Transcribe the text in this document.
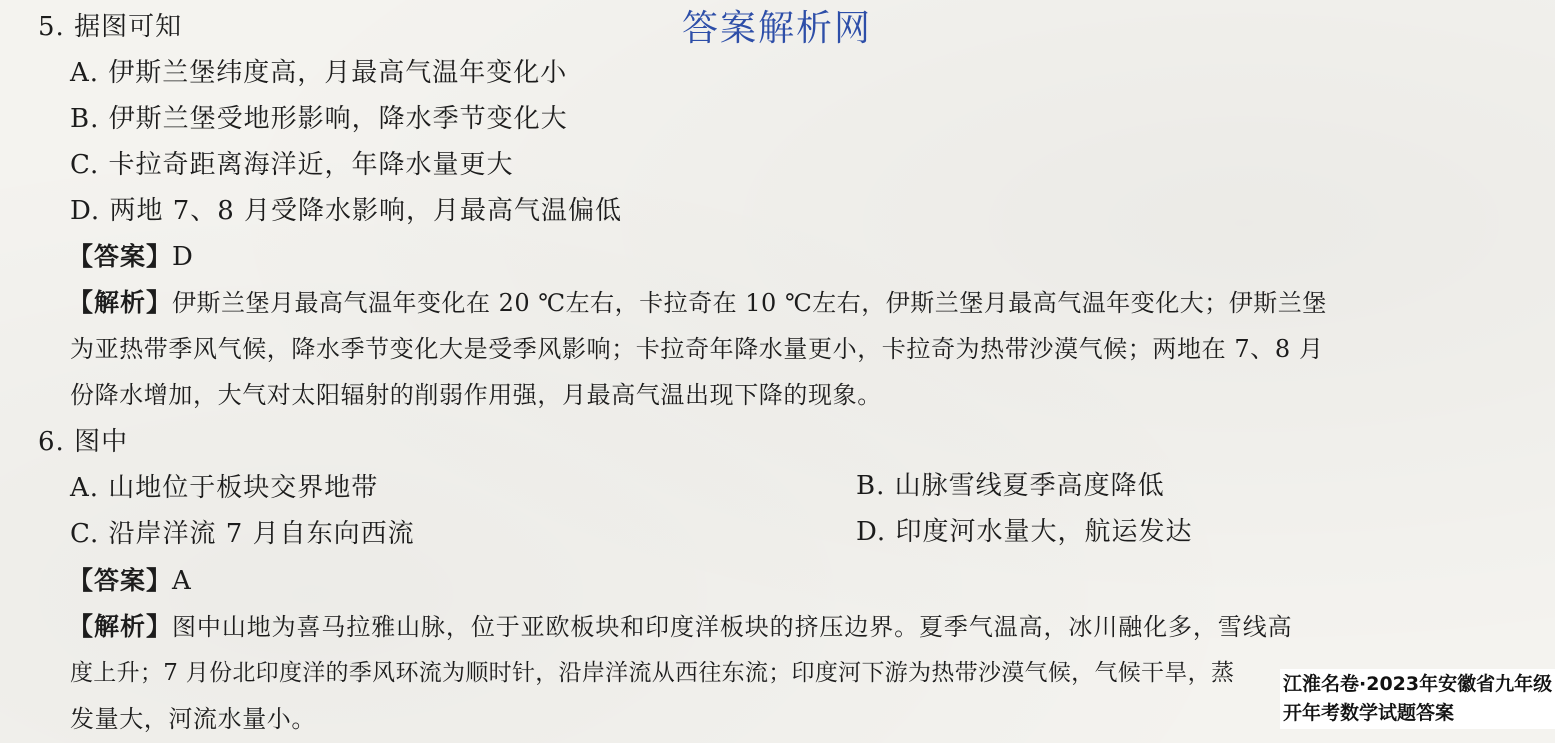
答案解析网
5. 据图可知
A. 伊斯兰堡纬度高，月最高气温年变化小
B. 伊斯兰堡受地形影响，降水季节变化大
C. 卡拉奇距离海洋近，年降水量更大
D. 两地 7、8 月受降水影响，月最高气温偏低
【答案】D
【解析】伊斯兰堡月最高气温年变化在 20 ℃左右，卡拉奇在 10 ℃左右，伊斯兰堡月最高气温年变化大；伊斯兰堡
为亚热带季风气候，降水季节变化大是受季风影响；卡拉奇年降水量更小，卡拉奇为热带沙漠气候；两地在 7、8 月
份降水增加，大气对太阳辐射的削弱作用强，月最高气温出现下降的现象。
6. 图中
A. 山地位于板块交界地带	B. 山脉雪线夏季高度降低
C. 沿岸洋流 7 月自东向西流	D. 印度河水量大，航运发达
【答案】A
【解析】图中山地为喜马拉雅山脉，位于亚欧板块和印度洋板块的挤压边界。夏季气温高，冰川融化多，雪线高
度上升；7 月份北印度洋的季风环流为顺时针，沿岸洋流从西往东流；印度河下游为热带沙漠气候，气候干旱，蒸
发量大，河流水量小。
江淮名卷·2023年安徽省九年级开年考数学试题答案
